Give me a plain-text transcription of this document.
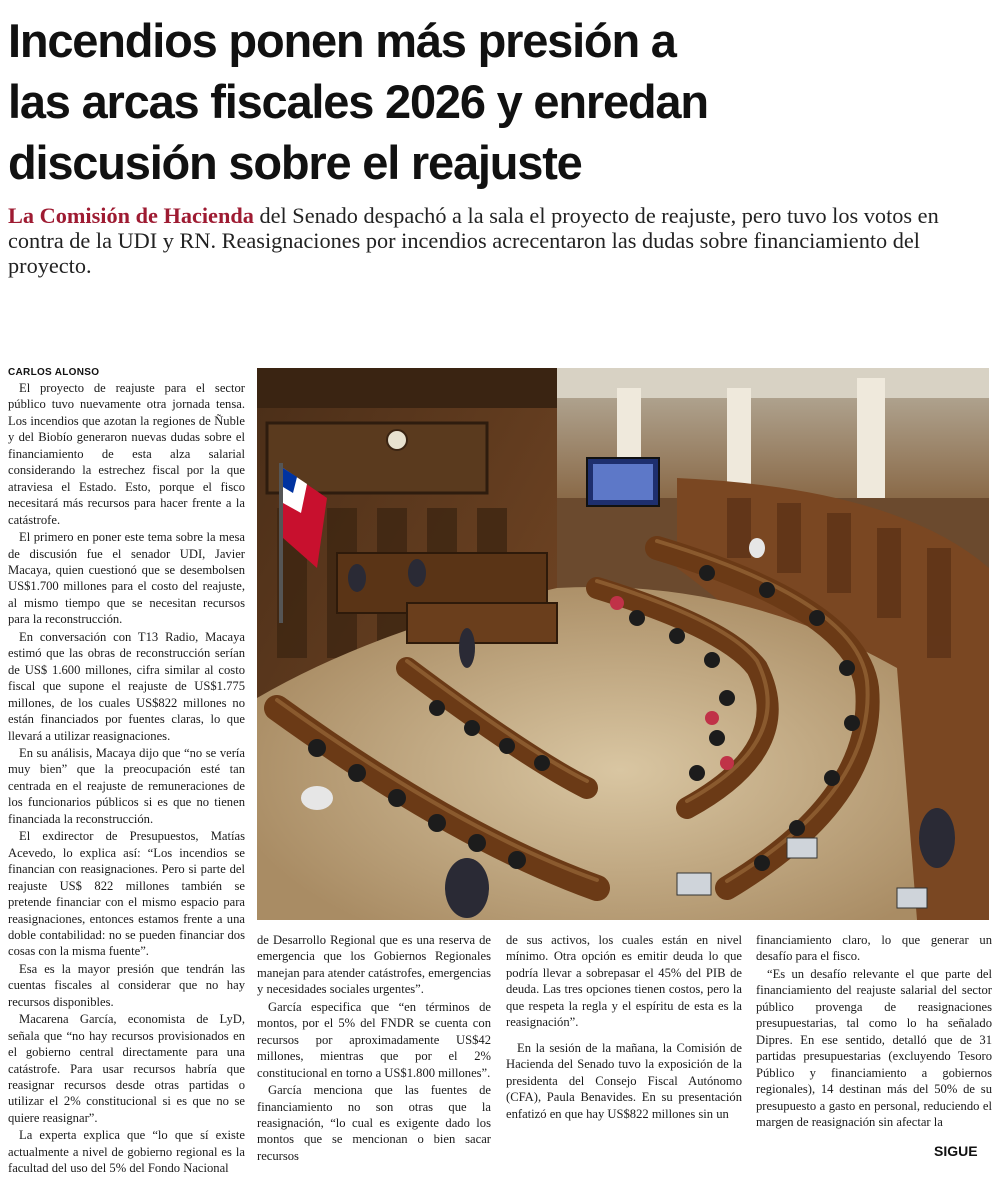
Incendios ponen más presión a
las arcas fiscales 2026 y enredan
discusión sobre el reajuste

La Comisión de Hacienda del Senado despachó a la sala el proyecto de reajuste, pero tuvo los votos en contra de la UDI y RN. Reasignaciones por incendios acrecentaron las dudas sobre financiamiento del proyecto.

CARLOS ALONSO

El proyecto de reajuste para el sector público tuvo nuevamente otra jornada tensa. Los incendios que azotan la regiones de Ñuble y del Biobío generaron nuevas dudas sobre el financiamiento de esta alza salarial considerando la estrechez fiscal por la que atraviesa el Estado. Esto, porque el fisco necesitará más recursos para hacer frente a la catástrofe.

El primero en poner este tema sobre la mesa de discusión fue el senador UDI, Javier Macaya, quien cuestionó que se desembolsen US$1.700 millones para el costo del reajuste, al mismo tiempo que se necesitan recursos para la reconstrucción.

En conversación con T13 Radio, Macaya estimó que las obras de reconstrucción serían de US$ 1.600 millones, cifra similar al costo fiscal que supone el reajuste de US$1.775 millones, de los cuales US$822 millones no están financiados por fuentes claras, lo que llevará a utilizar reasignaciones.

En su análisis, Macaya dijo que “no se vería muy bien” que la preocupación esté tan centrada en el reajuste de remuneraciones de los funcionarios públicos si es que no tienen financiada la reconstrucción.

El exdirector de Presupuestos, Matías Acevedo, lo explica así: “Los incendios se financian con reasignaciones. Pero si parte del reajuste US$ 822 millones también se pretende financiar con el mismo espacio para reasignaciones, entonces estamos frente a una doble contabilidad: no se pueden financiar dos cosas con la misma fuente”.

Esa es la mayor presión que tendrán las cuentas fiscales al considerar que no hay recursos disponibles.

Macarena García, economista de LyD, señala que “no hay recursos provisionados en el gobierno central directamente para una catástrofe. Para usar recursos habría que reasignar recursos desde otras partidas o utilizar el 2% constitucional si es que no se quiere reasignar”.

La experta explica que “lo que sí existe actualmente a nivel de gobierno regional es la facultad del uso del 5% del Fondo Nacional

de Desarrollo Regional que es una reserva de emergencia que los Gobiernos Regionales manejan para atender catástrofes, emergencias y necesidades sociales urgentes”.

García especifica que “en términos de montos, por el 5% del FNDR se cuenta con recursos por aproximadamente US$42 millones, mientras que por el 2% constitucional en torno a US$1.800 millones”.

García menciona que las fuentes de financiamiento no son otras que la reasignación, “lo cual es exigente dado los montos que se mencionan o bien sacar recursos

de sus activos, los cuales están en nivel mínimo. Otra opción es emitir deuda lo que podría llevar a sobrepasar el 45% del PIB de deuda. Las tres opciones tienen costos, pero la que respeta la regla y el espíritu de esta es la reasignación”.

En la sesión de la mañana, la Comisión de Hacienda del Senado tuvo la exposición de la presidenta del Consejo Fiscal Autónomo (CFA), Paula Benavides. En su presentación enfatizó en que hay US$822 millones sin un

financiamiento claro, lo que generar un desafío para el fisco.

“Es un desafío relevante el que parte del financiamiento del reajuste salarial del sector público provenga de reasignaciones presupuestarias, tal como lo ha señalado Dipres. En ese sentido, detalló que de 31 partidas presupuestarias (excluyendo Tesoro Público y financiamiento a gobiernos regionales), 14 destinan más del 50% de su presupuesto a gasto en personal, reduciendo el margen de reasignación sin afectar la

SIGUE
